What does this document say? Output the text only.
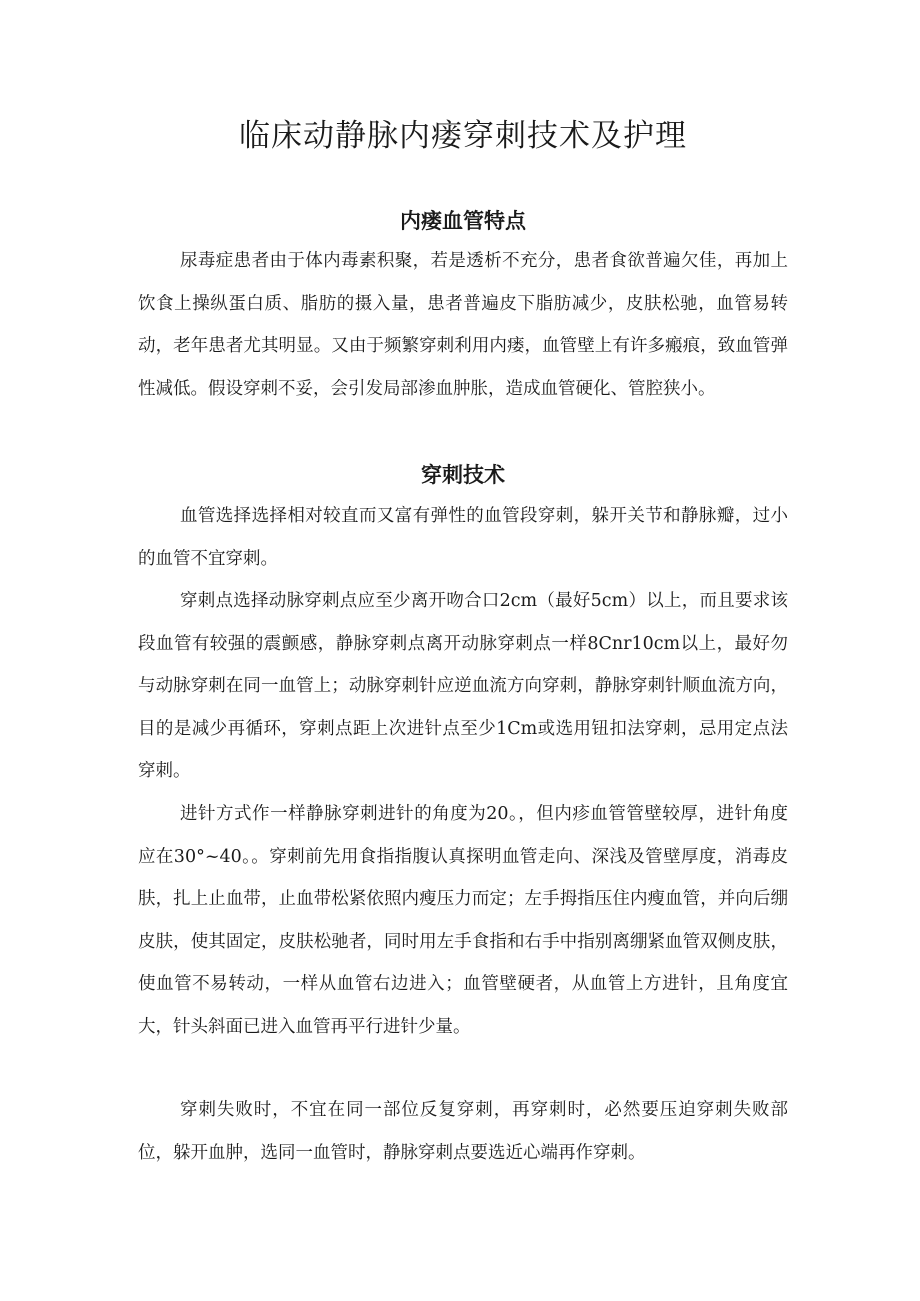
临床动静脉内瘘穿刺技术及护理
内瘘血管特点

尿毒症患者由于体内毒素积聚，若是透析不充分，患者食欲普遍欠佳，再加上饮食上操纵蛋白质、脂肪的摄入量，患者普遍皮下脂肪减少，皮肤松驰，血管易转动，老年患者尤其明显。又由于频繁穿刺利用内瘘，血管壁上有许多瘢痕，致血管弹性减低。假设穿刺不妥，会引发局部渗血肿胀，造成血管硬化、管腔狭小。

穿刺技术

血管选择选择相对较直而又富有弹性的血管段穿刺，躲开关节和静脉瓣，过小的血管不宜穿刺。

穿刺点选择动脉穿刺点应至少离开吻合口2cm（最好5cm）以上，而且要求该段血管有较强的震颤感，静脉穿刺点离开动脉穿刺点一样8Cnr10cm以上，最好勿与动脉穿刺在同一血管上；动脉穿刺针应逆血流方向穿刺，静脉穿刺针顺血流方向，目的是减少再循环，穿刺点距上次进针点至少1Cm或选用钮扣法穿刺，忌用定点法穿刺。

进针方式作一样静脉穿刺进针的角度为20。，但内疹血管管壁较厚，进针角度应在30°~40。。穿刺前先用食指指腹认真探明血管走向、深浅及管壁厚度，消毒皮肤，扎上止血带，止血带松紧依照内瘦压力而定；左手拇指压住内瘦血管，并向后绷皮肤，使其固定，皮肤松驰者，同时用左手食指和右手中指别离绷紧血管双侧皮肤，使血管不易转动，一样从血管右边进入；血管壁硬者，从血管上方进针，且角度宜大，针头斜面已进入血管再平行进针少量。

穿刺失败时，不宜在同一部位反复穿刺，再穿刺时，必然要压迫穿刺失败部位，躲开血肿，选同一血管时，静脉穿刺点要选近心端再作穿刺。
